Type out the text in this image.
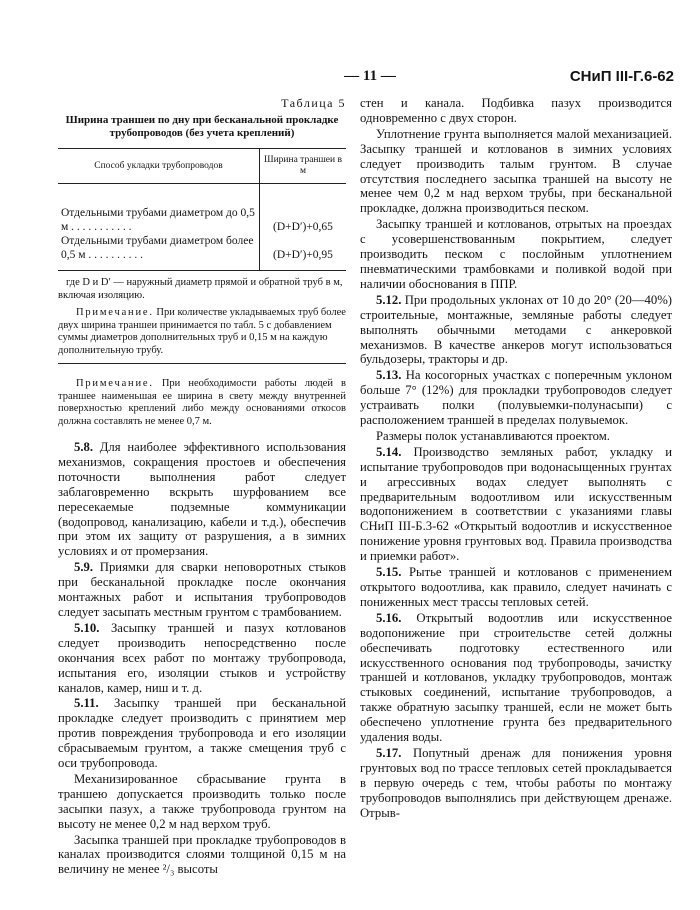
— 11 —	СНиП III-Г.6-62

Таблица 5

Ширина траншеи по дну при бесканальной прокладке трубопроводов (без учета креплений)

Способ укладки трубопроводов	Ширина траншеи в м
Отдельными трубами диаметром до 0,5 м . . . . . . . . . . .	(D+D′)+0,65

Отдельными трубами диаметром более 0,5 м . . . . . . . . . .	(D+D′)+0,95

где D и D′ — наружный диаметр прямой и обратной труб в м, включая изоляцию.

Примечание. При количестве укладываемых труб более двух ширина траншеи принимается по табл. 5 с добавлением суммы диаметров дополнительных труб и 0,15 м на каждую дополнительную трубу.

Примечание. При необходимости работы людей в траншее наименьшая ее ширина в свету между внутренней поверхностью креплений либо между основаниями откосов должна составлять не менее 0,7 м.

5.8. Для наиболее эффективного использования механизмов, сокращения простоев и обеспечения поточности выполнения работ следует заблаговременно вскрыть шурфованием все пересекаемые подземные коммуникации (водопровод, канализацию, кабели и т.д.), обеспечив при этом их защиту от разрушения, а в зимних условиях и от промерзания.

5.9. Приямки для сварки неповоротных стыков при бесканальной прокладке после окончания монтажных работ и испытания трубопроводов следует засыпать местным грунтом с трамбованием.

5.10. Засыпку траншей и пазух котлованов следует производить непосредственно после окончания всех работ по монтажу трубопровода, испытания его, изоляции стыков и устройству каналов, камер, ниш и т. д.

5.11. Засыпку траншей при бесканальной прокладке следует производить с принятием мер против повреждения трубопровода и его изоляции сбрасываемым грунтом, а также смещения труб с оси трубопровода.

Механизированное сбрасывание грунта в траншею допускается производить только после засыпки пазух, а также трубопровода грунтом на высоту не менее 0,2 м над верхом труб.

Засыпка траншей при прокладке трубопроводов в каналах производится слоями толщиной 0,15 м на величину не менее ²/₃ высоты

стен и канала. Подбивка пазух производится одновременно с двух сторон.

Уплотнение грунта выполняется малой механизацией. Засыпку траншей и котлованов в зимних условиях следует производить талым грунтом. В случае отсутствия последнего засыпка траншей на высоту не менее чем 0,2 м над верхом трубы, при бесканальной прокладке, должна производиться песком.

Засыпку траншей и котлованов, отрытых на проездах с усовершенствованным покрытием, следует производить песком с послойным уплотнением пневматическими трамбовками и поливкой водой при наличии обоснования в ППР.

5.12. При продольных уклонах от 10 до 20° (20—40%) строительные, монтажные, земляные работы следует выполнять обычными методами с анкеровкой механизмов. В качестве анкеров могут использоваться бульдозеры, тракторы и др.

5.13. На косогорных участках с поперечным уклоном больше 7° (12%) для прокладки трубопроводов следует устраивать полки (полувыемки-полунасыпи) с расположением траншей в пределах полувыемок.

Размеры полок устанавливаются проектом.

5.14. Производство земляных работ, укладку и испытание трубопроводов при водонасыщенных грунтах и агрессивных водах следует выполнять с предварительным водоотливом или искусственным водопонижением в соответствии с указаниями главы СНиП III-Б.3-62 «Открытый водоотлив и искусственное понижение уровня грунтовых вод. Правила производства и приемки работ».

5.15. Рытье траншей и котлованов с применением открытого водоотлива, как правило, следует начинать с пониженных мест трассы тепловых сетей.

5.16. Открытый водоотлив или искусственное водопонижение при строительстве сетей должны обеспечивать подготовку естественного или искусственного основания под трубопроводы, зачистку траншей и котлованов, укладку трубопроводов, монтаж стыковых соединений, испытание трубопроводов, а также обратную засыпку траншей, если не может быть обеспечено уплотнение грунта без предварительного удаления воды.

5.17. Попутный дренаж для понижения уровня грунтовых вод по трассе тепловых сетей прокладывается в первую очередь с тем, чтобы работы по монтажу трубопроводов выполнялись при действующем дренаже. Отрыв-
